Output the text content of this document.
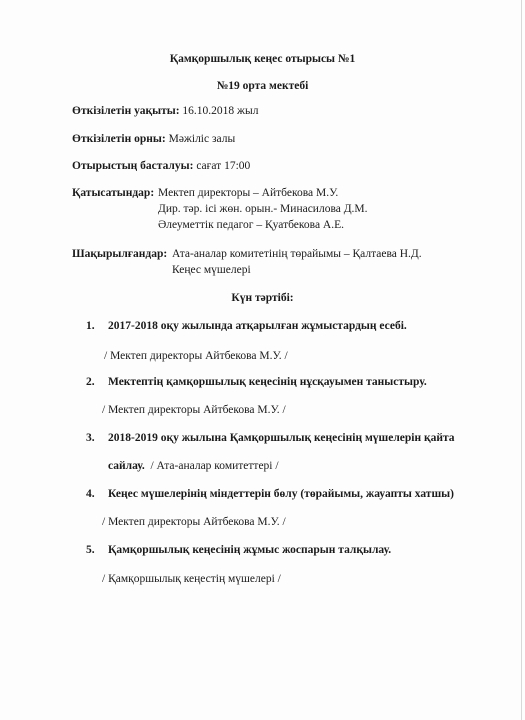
Қамқоршылық кеңес отырысы №1
№19 орта мектебі
Өткізілетін уақыты: 16.10.2018 жыл
Өткізілетін орны: Мәжіліс залы
Отырыстың басталуы: сағат 17:00
Қатысатындар: Мектеп директоры – Айтбекова М.У.
Дир. тәр. ісі жөн. орын.- Минасилова Д.М.
Әлеуметтік педагог – Қуатбекова А.Е.
Шақырылғандар: Ата-аналар комитетінің төрайымы – Қалтаева Н.Д.
Кеңес мүшелері
Күн тәртібі:
1. 2017-2018 оқу жылында атқарылған жұмыстардың есебі.
/ Мектеп директоры Айтбекова М.У. /
2. Мектептің қамқоршылық кеңесінің нұсқауымен таныстыру.
/ Мектеп директоры Айтбекова М.У. /
3. 2018-2019 оқу жылына Қамқоршылық кеңесінің мүшелерін қайта
сайлау. / Ата-аналар комитеттері /
4. Кеңес мүшелерінің міндеттерін бөлу (төрайымы, жауапты хатшы)
/ Мектеп директоры Айтбекова М.У. /
5. Қамқоршылық кеңесінің жұмыс жоспарын талқылау.
/ Қамқоршылық кеңестің мүшелері /
